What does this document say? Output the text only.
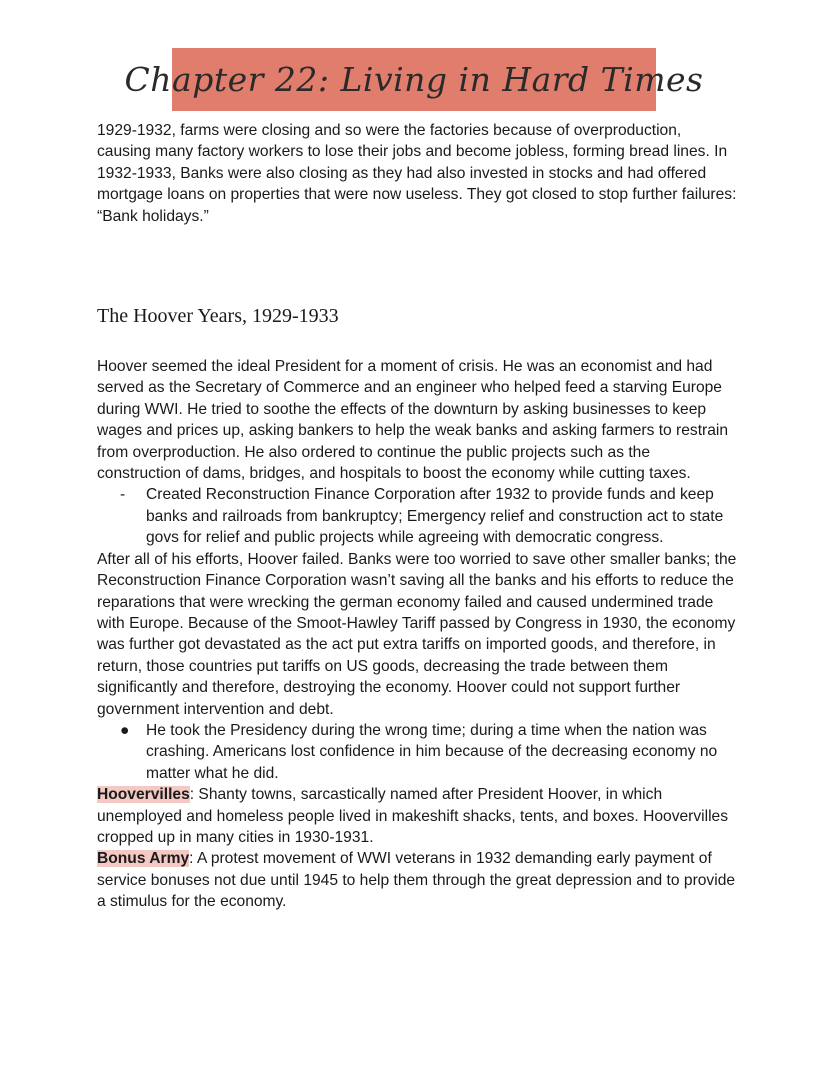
Chapter 22: Living in Hard Times

1929-1932, farms were closing and so were the factories because of overproduction, causing many factory workers to lose their jobs and become jobless, forming bread lines. In 1932-1933, Banks were also closing as they had also invested in stocks and had offered mortgage loans on properties that were now useless. They got closed to stop further failures: “Bank holidays.”

The Hoover Years, 1929-1933

Hoover seemed the ideal President for a moment of crisis. He was an economist and had served as the Secretary of Commerce and an engineer who helped feed a starving Europe during WWI. He tried to soothe the effects of the downturn by asking businesses to keep wages and prices up, asking bankers to help the weak banks and asking farmers to restrain from overproduction. He also ordered to continue the public projects such as the construction of dams, bridges, and hospitals to boost the economy while cutting taxes.

-	Created Reconstruction Finance Corporation after 1932 to provide funds and keep banks and railroads from bankruptcy; Emergency relief and construction act to state govs for relief and public projects while agreeing with democratic congress.

After all of his efforts, Hoover failed. Banks were too worried to save other smaller banks; the Reconstruction Finance Corporation wasn’t saving all the banks and his efforts to reduce the reparations that were wrecking the german economy failed and caused undermined trade with Europe. Because of the Smoot-Hawley Tariff passed by Congress in 1930, the economy was further got devastated as the act put extra tariffs on imported goods, and therefore, in return, those countries put tariffs on US goods, decreasing the trade between them significantly and therefore, destroying the economy. Hoover could not support further government intervention and debt.

● He took the Presidency during the wrong time; during a time when the nation was crashing. Americans lost confidence in him because of the decreasing economy no matter what he did.

Hoovervilles: Shanty towns, sarcastically named after President Hoover, in which unemployed and homeless people lived in makeshift shacks, tents, and boxes. Hoovervilles cropped up in many cities in 1930-1931.

Bonus Army: A protest movement of WWI veterans in 1932 demanding early payment of service bonuses not due until 1945 to help them through the great depression and to provide a stimulus for the economy.
